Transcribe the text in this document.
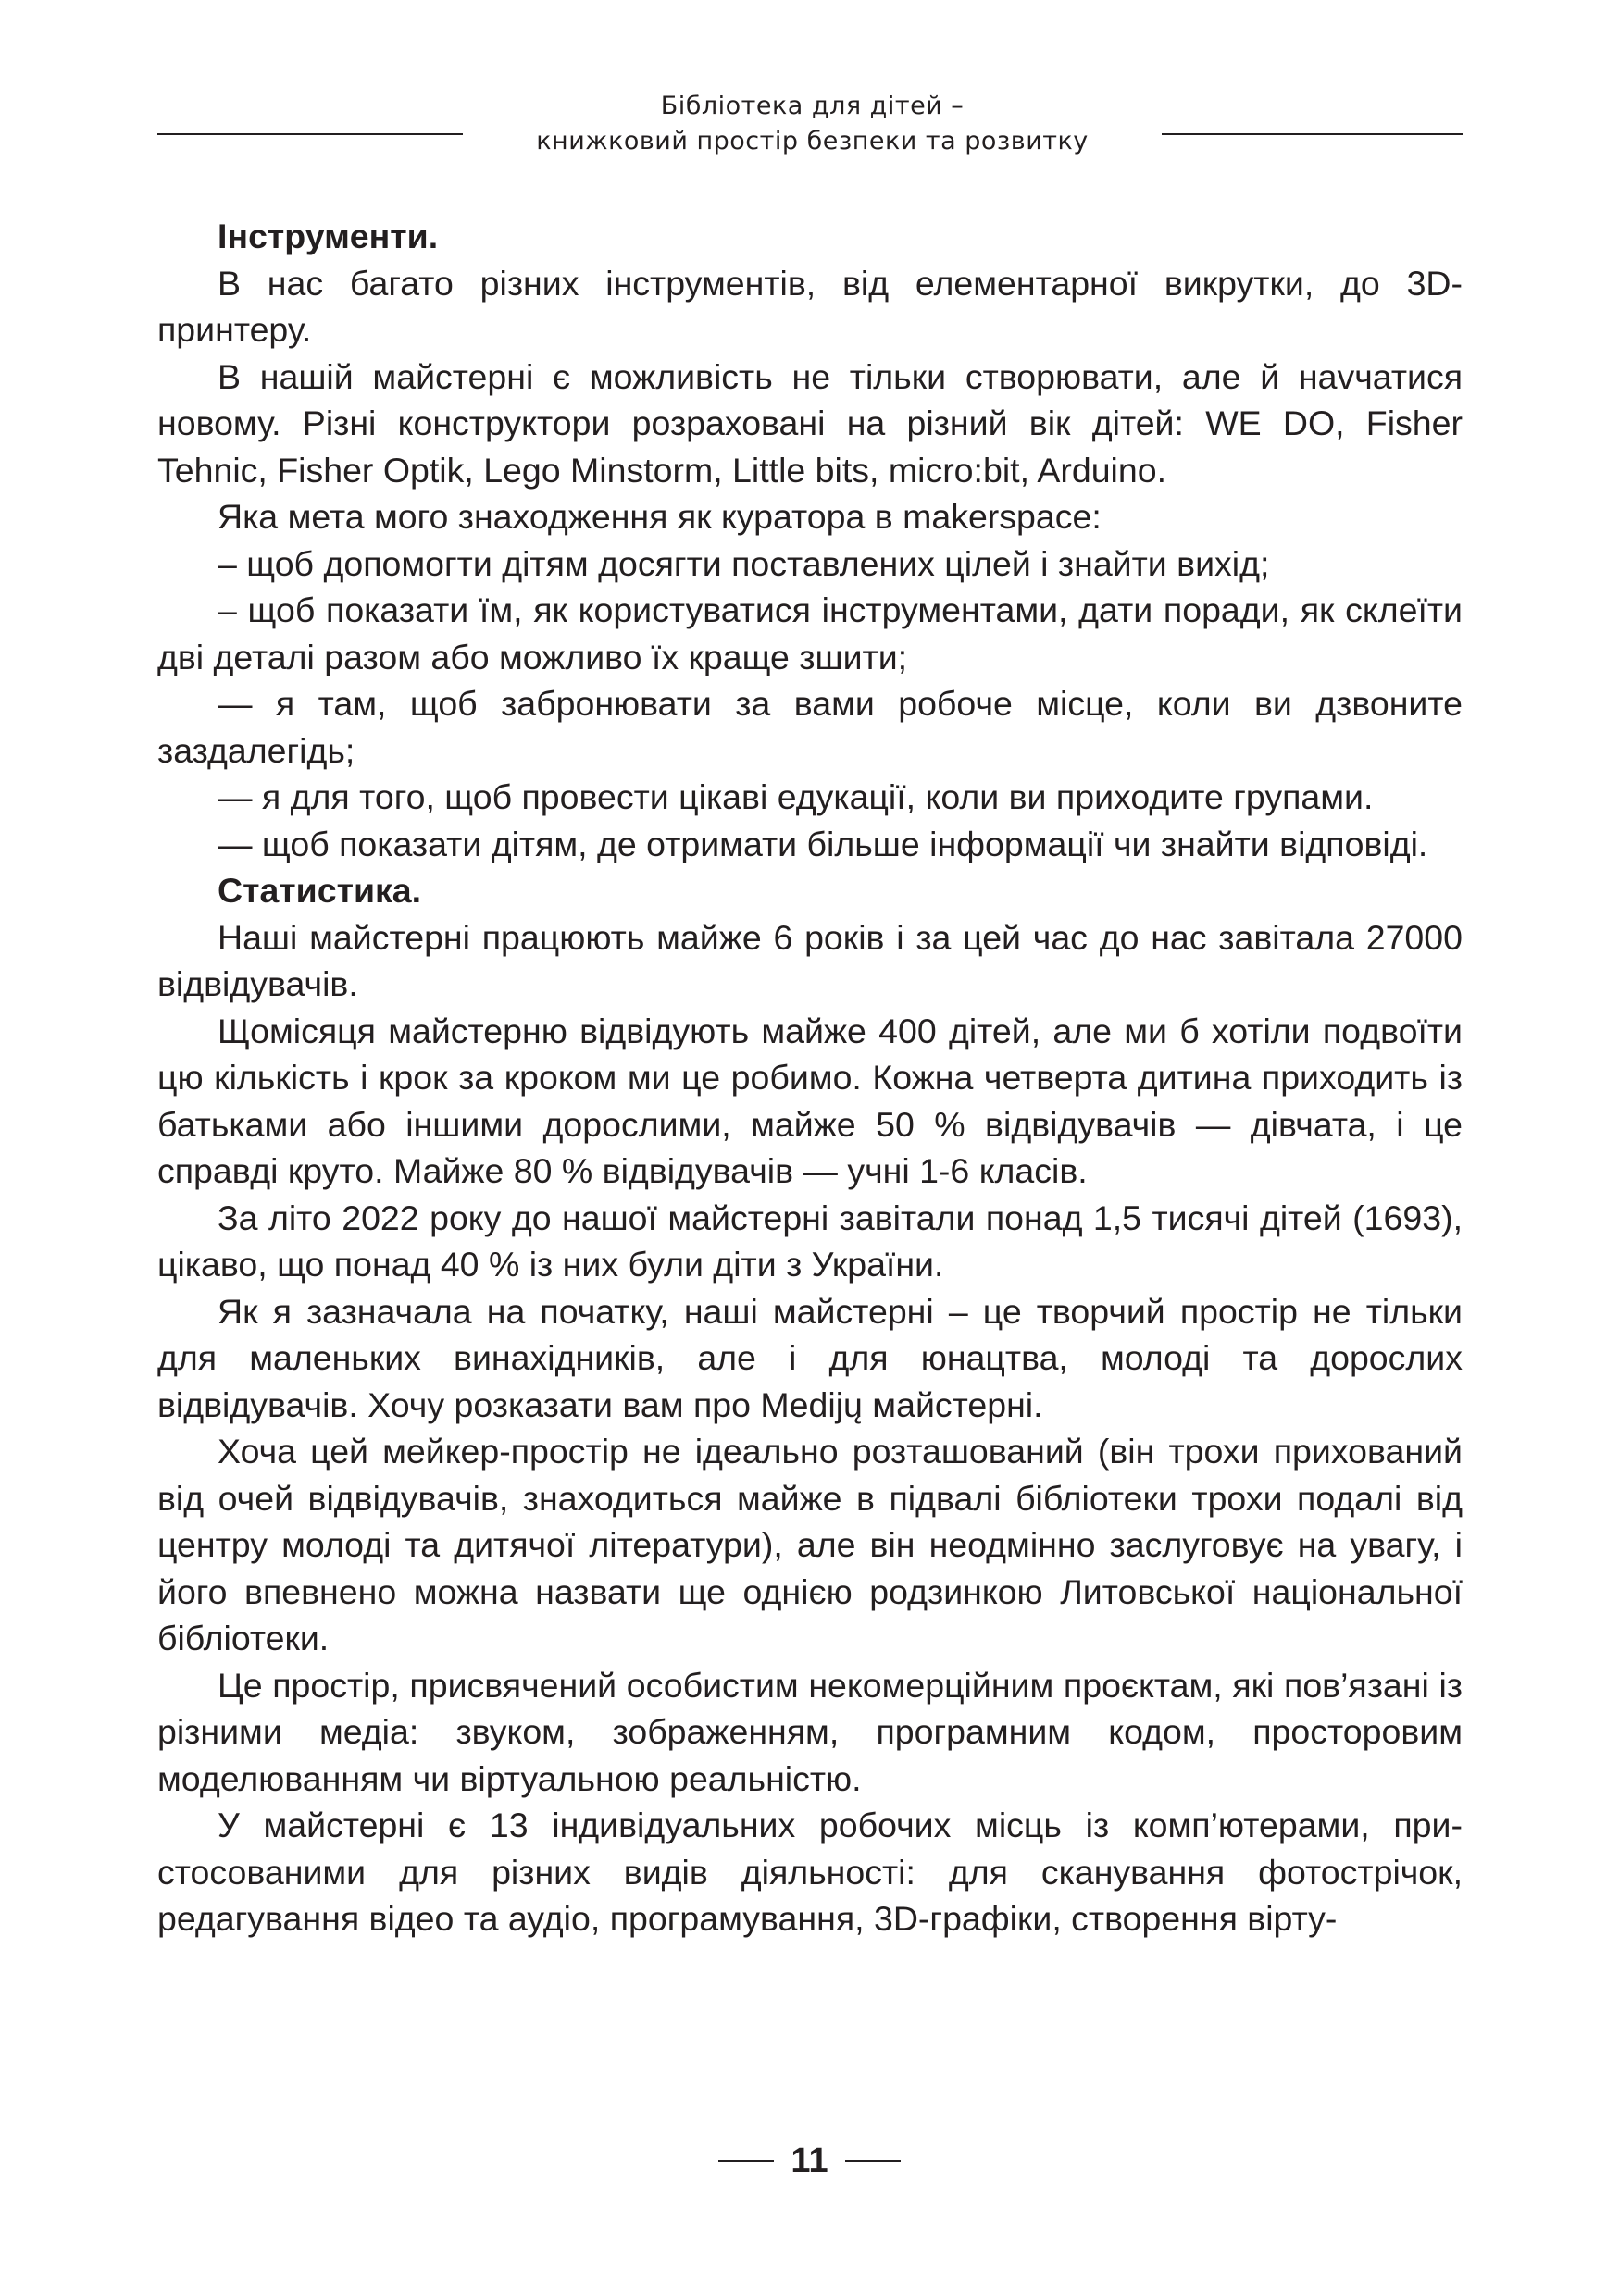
Бібліотека для дітей –
книжковий простір безпеки та розвитку

Інструменти.

В нас багато різних інструментів, від елементарної викрутки, до 3D-принтеру.

В нашій майстерні є можливість не тільки створювати, але й наvчатися новому. Різні конструктори розраховані на різний вік дітей: WE DO, Fisher Tehnic, Fisher Optik, Lego Minstorm, Little bits, micro:bit, Arduino.

Яка мета мого знаходження як куратора в makerspace:

– щоб допомогти дітям досягти поставлених цілей і знайти вихід;

– щоб показати їм, як користуватися інструментами, дати поради, як склеїти дві деталі разом або можливо їх краще зшити;

— я там, щоб забронювати за вами робоче місце, коли ви дзвоните заздалегідь;

— я для того, щоб провести цікаві едукації, коли ви приходите групами.

— щоб показати дітям, де отримати більше інформації чи знайти відповіді.

Статистика.

Наші майстерні працюють майже 6 років і за цей час до нас завітала 27000 відвідувачів.

Щомісяця майстерню відвідують майже 400 дітей, але ми б хотіли подвоїти цю кількість і крок за кроком ми це робимо. Кожна четверта дитина приходить із батьками або іншими дорослими, майже 50 % відвідувачів — дівчата, і це справді круто. Майже 80 % відвідувачів — учні 1-6 класів.

За літо 2022 року до нашої майстерні завітали понад 1,5 тисячі дітей (1693), цікаво, що понад 40 % із них були діти з України.

Як я зазначала на початку, наші майстерні – це творчий простір не тільки для маленьких винахідників, але і для юнацтва, молоді та дорослих відвідувачів. Хочу розказати вам про Medijų майстерні.

Хоча цей мейкер-простір не ідеально розташований (він трохи прихований від очей відвідувачів, знаходиться майже в підвалі бібліотеки трохи подалі від центру молоді та дитячої літератури), але він неодмінно заслуговує на увагу, і його впевнено можна назвати ще однією родзинкою Литовської національної бібліотеки.

Це простір, присвячений особистим некомерційним проєктам, які пов’язані із різними медіа: звуком, зображенням, програмним кодом, просторовим моделюванням чи віртуальною реальністю.

У майстерні є 13 індивідуальних робочих місць із комп’ютерами, пристосованими для різних видів діяльності: для сканування фотострічок, редагування відео та аудіо, програмування, 3D-графіки, створення вірту-

11
